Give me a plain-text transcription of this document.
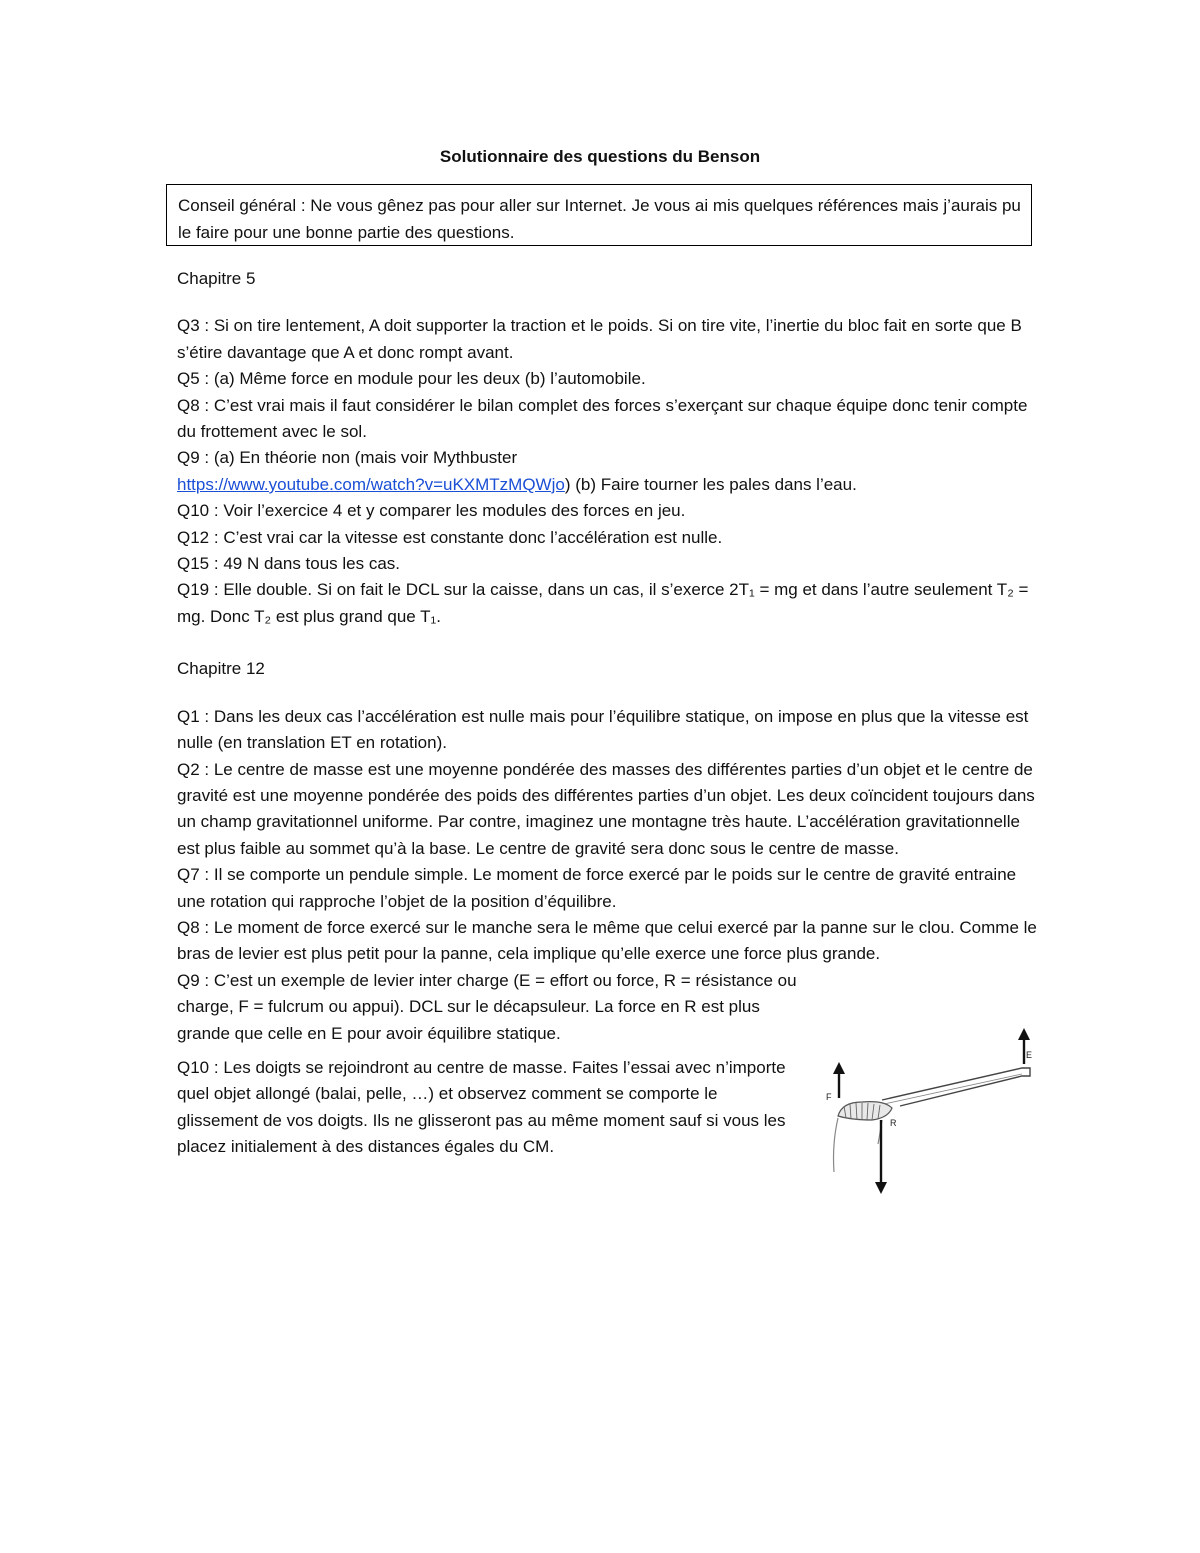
Solutionnaire des questions du Benson
Conseil général : Ne vous gênez pas pour aller sur Internet. Je vous ai mis quelques références mais j’aurais pu le faire pour une bonne partie des questions.

Chapitre 5

Q3 : Si on tire lentement, A doit supporter la traction et le poids. Si on tire vite, l’inertie du bloc fait en sorte que B s’étire davantage que A et donc rompt avant.

Q5 : (a) Même force en module pour les deux (b) l’automobile.

Q8 : C’est vrai mais il faut considérer le bilan complet des forces s’exerçant sur chaque équipe donc tenir compte du frottement avec le sol.

Q9 : (a) En théorie non (mais voir Mythbuster
https://www.youtube.com/watch?v=uKXMTzMQWjo) (b) Faire tourner les pales dans l’eau.

Q10 : Voir l’exercice 4 et y comparer les modules des forces en jeu.

Q12 : C’est vrai car la vitesse est constante donc l’accélération est nulle.

Q15 : 49 N dans tous les cas.

Q19 : Elle double. Si on fait le DCL sur la caisse, dans un cas, il s’exerce 2T₁ = mg et dans l’autre seulement T₂ = mg. Donc T₂ est plus grand que T₁.

Chapitre 12

Q1 : Dans les deux cas l’accélération est nulle mais pour l’équilibre statique, on impose en plus que la vitesse est nulle (en translation ET en rotation).

Q2 : Le centre de masse est une moyenne pondérée des masses des différentes parties d’un objet et le centre de gravité est une moyenne pondérée des poids des différentes parties d’un objet. Les deux coïncident toujours dans un champ gravitationnel uniforme. Par contre, imaginez une montagne très haute. L’accélération gravitationnelle est plus faible au sommet qu’à la base. Le centre de gravité sera donc sous le centre de masse.

Q7 : Il se comporte un pendule simple. Le moment de force exercé par le poids sur le centre de gravité entraine une rotation qui rapproche l’objet de la position d’équilibre.

Q8 : Le moment de force exercé sur le manche sera le même que celui exercé par la panne sur le clou. Comme le bras de levier est plus petit pour la panne, cela implique qu’elle exerce une force plus grande.

Q9 : C’est un exemple de levier inter charge (E = effort ou force, R = résistance ou charge, F = fulcrum ou appui). DCL sur le décapsuleur. La force en R est plus grande que celle en E pour avoir équilibre statique.

Q10 : Les doigts se rejoindront au centre de masse. Faites l’essai avec n’importe quel objet allongé (balai, pelle, …) et observez comment se comporte le glissement de vos doigts. Ils ne glisseront pas au même moment sauf si vous les placez initialement à des distances égales du CM.

F
E
R
